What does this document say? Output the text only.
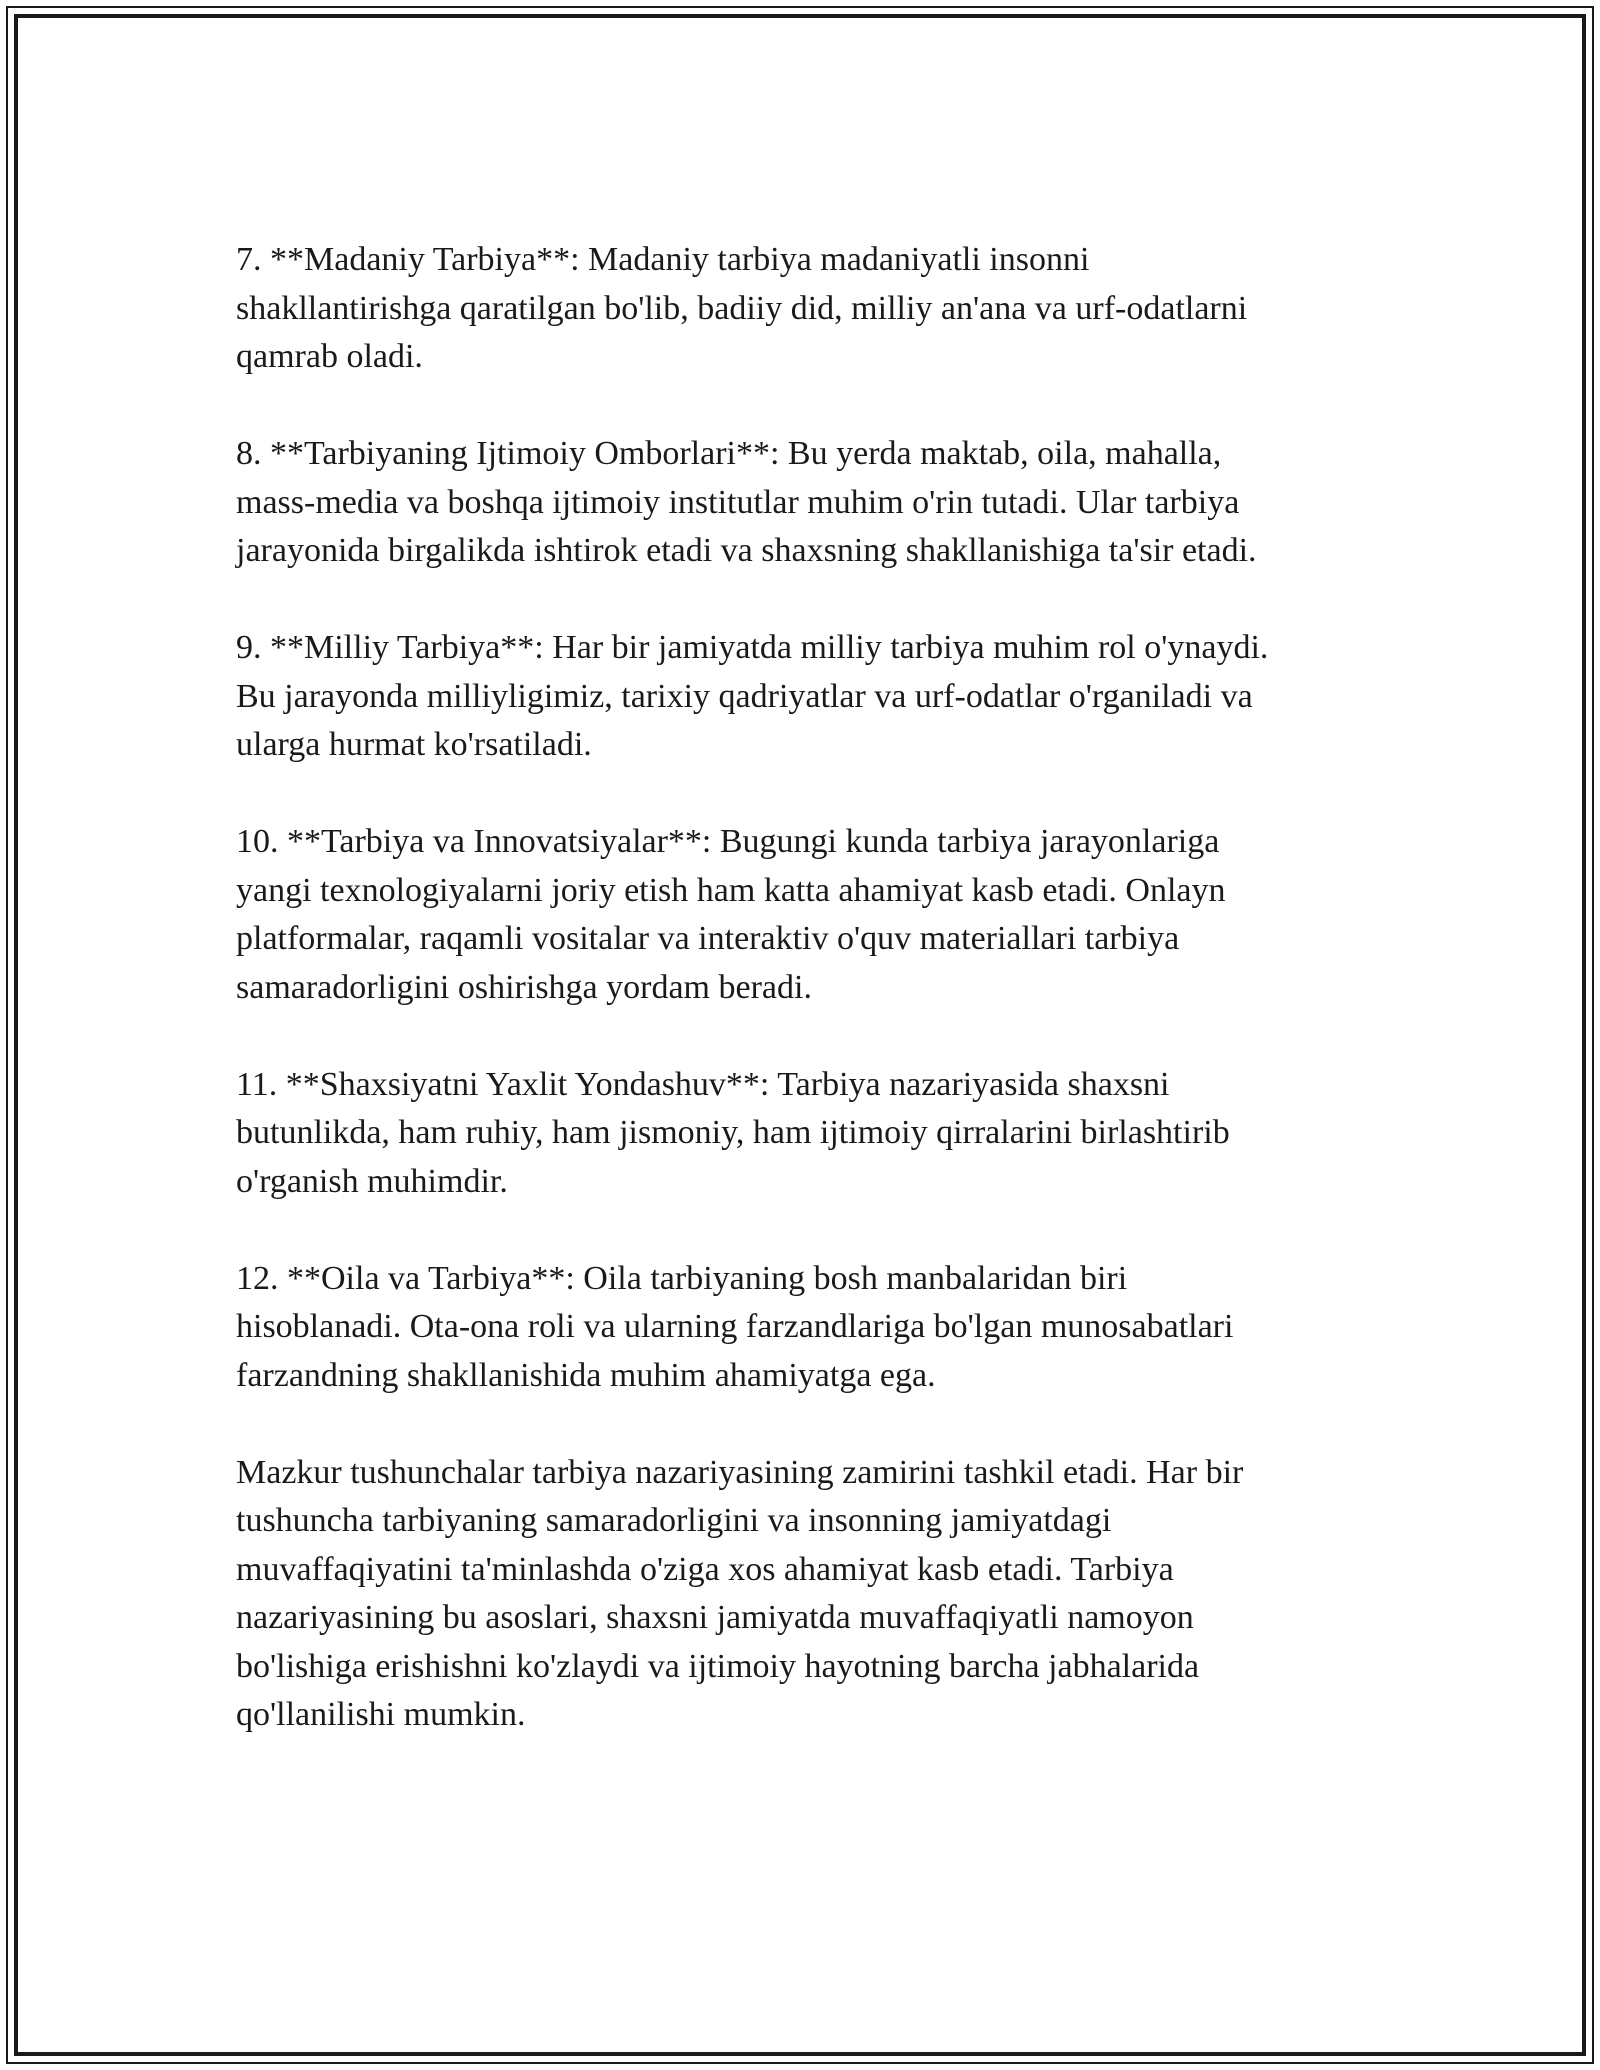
7. **Madaniy Tarbiya**: Madaniy tarbiya madaniyatli insonni
shakllantirishga qaratilgan bo'lib, badiiy did, milliy an'ana va urf-odatlarni
qamrab oladi.

8. **Tarbiyaning Ijtimoiy Omborlari**: Bu yerda maktab, oila, mahalla,
mass-media va boshqa ijtimoiy institutlar muhim o'rin tutadi. Ular tarbiya
jarayonida birgalikda ishtirok etadi va shaxsning shakllanishiga ta'sir etadi.

9. **Milliy Tarbiya**: Har bir jamiyatda milliy tarbiya muhim rol o'ynaydi.
Bu jarayonda milliyligimiz, tarixiy qadriyatlar va urf-odatlar o'rganiladi va
ularga hurmat ko'rsatiladi.

10. **Tarbiya va Innovatsiyalar**: Bugungi kunda tarbiya jarayonlariga
yangi texnologiyalarni joriy etish ham katta ahamiyat kasb etadi. Onlayn
platformalar, raqamli vositalar va interaktiv o'quv materiallari tarbiya
samaradorligini oshirishga yordam beradi.

11. **Shaxsiyatni Yaxlit Yondashuv**: Tarbiya nazariyasida shaxsni
butunlikda, ham ruhiy, ham jismoniy, ham ijtimoiy qirralarini birlashtirib
o'rganish muhimdir.

12. **Oila va Tarbiya**: Oila tarbiyaning bosh manbalaridan biri
hisoblanadi. Ota-ona roli va ularning farzandlariga bo'lgan munosabatlari
farzandning shakllanishida muhim ahamiyatga ega.

Mazkur tushunchalar tarbiya nazariyasining zamirini tashkil etadi. Har bir
tushuncha tarbiyaning samaradorligini va insonning jamiyatdagi
muvaffaqiyatini ta'minlashda o'ziga xos ahamiyat kasb etadi. Tarbiya
nazariyasining bu asoslari, shaxsni jamiyatda muvaffaqiyatli namoyon
bo'lishiga erishishni ko'zlaydi va ijtimoiy hayotning barcha jabhalarida
qo'llanilishi mumkin.
